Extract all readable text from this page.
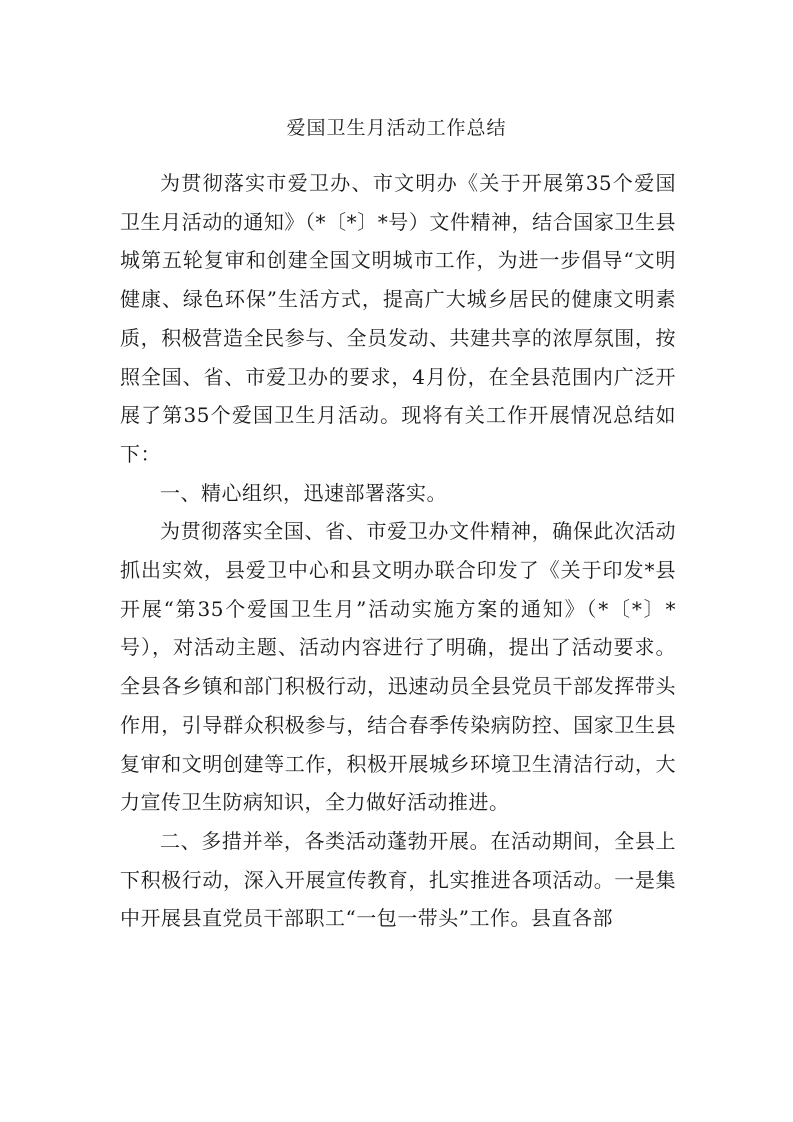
爱国卫生月活动工作总结

为贯彻落实市爱卫办、市文明办《关于开展第35个爱国卫生月活动的通知》（*〔*〕*号）文件精神，结合国家卫生县城第五轮复审和创建全国文明城市工作，为进一步倡导“文明健康、绿色环保”生活方式，提高广大城乡居民的健康文明素质，积极营造全民参与、全员发动、共建共享的浓厚氛围，按照全国、省、市爱卫办的要求，4月份，在全县范围内广泛开展了第35个爱国卫生月活动。现将有关工作开展情况总结如下：

一、精心组织，迅速部署落实。

为贯彻落实全国、省、市爱卫办文件精神，确保此次活动抓出实效，县爱卫中心和县文明办联合印发了《关于印发*县开展“第35个爱国卫生月”活动实施方案的通知》（*〔*〕*号），对活动主题、活动内容进行了明确，提出了活动要求。全县各乡镇和部门积极行动，迅速动员全县党员干部发挥带头作用，引导群众积极参与，结合春季传染病防控、国家卫生县复审和文明创建等工作，积极开展城乡环境卫生清洁行动，大力宣传卫生防病知识，全力做好活动推进。

二、多措并举，各类活动蓬勃开展。在活动期间，全县上下积极行动，深入开展宣传教育，扎实推进各项活动。一是集中开展县直党员干部职工“一包一带头”工作。县直各部
